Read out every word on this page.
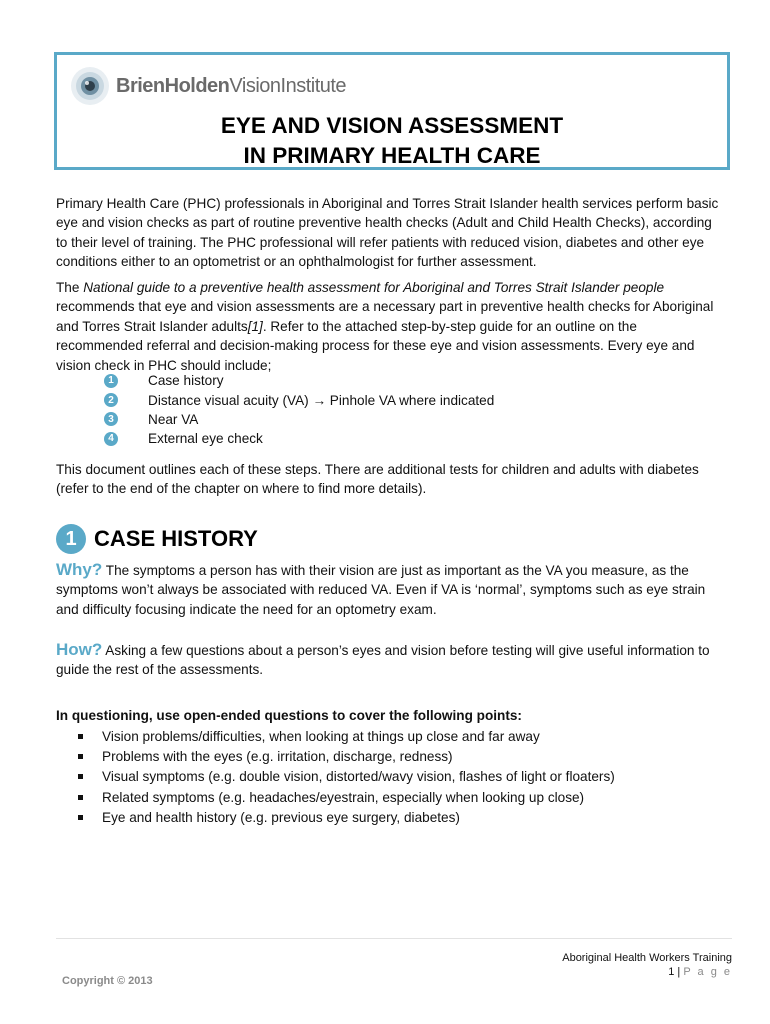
BrienHoldenVisionInstitute
EYE AND VISION ASSESSMENT
IN PRIMARY HEALTH CARE

Primary Health Care (PHC) professionals in Aboriginal and Torres Strait Islander health services perform basic eye and vision checks as part of routine preventive health checks (Adult and Child Health Checks), according to their level of training. The PHC professional will refer patients with reduced vision, diabetes and other eye conditions either to an optometrist or an ophthalmologist for further assessment.

The National guide to a preventive health assessment for Aboriginal and Torres Strait Islander people recommends that eye and vision assessments are a necessary part in preventive health checks for Aboriginal and Torres Strait Islander adults[1]. Refer to the attached step-by-step guide for an outline on the recommended referral and decision-making process for these eye and vision assessments. Every eye and vision check in PHC should include;

1	Case history
2	Distance visual acuity (VA) → Pinhole VA where indicated
3	Near VA
4	External eye check

This document outlines each of these steps. There are additional tests for children and adults with diabetes (refer to the end of the chapter on where to find more details).

1 CASE HISTORY

Why? The symptoms a person has with their vision are just as important as the VA you measure, as the symptoms won’t always be associated with reduced VA. Even if VA is ‘normal’, symptoms such as eye strain and difficulty focusing indicate the need for an optometry exam.

How? Asking a few questions about a person’s eyes and vision before testing will give useful information to guide the rest of the assessments.

In questioning, use open-ended questions to cover the following points:

Vision problems/difficulties, when looking at things up close and far away
Problems with the eyes (e.g. irritation, discharge, redness)
Visual symptoms (e.g. double vision, distorted/wavy vision, flashes of light or floaters)
Related symptoms (e.g. headaches/eyestrain, especially when looking up close)
Eye and health history (e.g. previous eye surgery, diabetes)
Aboriginal Health Workers Training
1 | P a g e
Copyright © 2013
